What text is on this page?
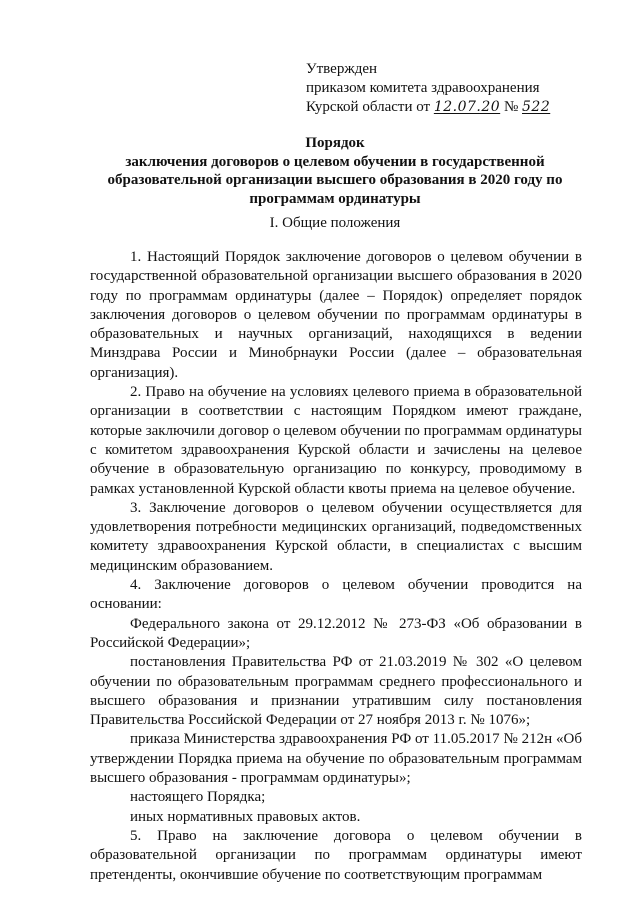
Утвержден
приказом комитета здравоохранения
Курской области от 12.07.20 № 522
Порядок
заключения договоров о целевом обучении в государственной образовательной организации высшего образования в 2020 году по программам ординатуры
I. Общие положения

1. Настоящий Порядок заключение договоров о целевом обучении в государственной образовательной организации высшего образования в 2020 году по программам ординатуры (далее – Порядок) определяет порядок заключения договоров о целевом обучении по программам ординатуры в образовательных и научных организаций, находящихся в ведении Минздрава России и Минобрнауки России (далее – образовательная организация).

2. Право на обучение на условиях целевого приема в образовательной организации в соответствии с настоящим Порядком имеют граждане, которые заключили договор о целевом обучении по программам ординатуры с комитетом здравоохранения Курской области и зачислены на целевое обучение в образовательную организацию по конкурсу, проводимому в рамках установленной Курской области квоты приема на целевое обучение.

3. Заключение договоров о целевом обучении осуществляется для удовлетворения потребности медицинских организаций, подведомственных комитету здравоохранения Курской области, в специалистах с высшим медицинским образованием.

4. Заключение договоров о целевом обучении проводится на основании:

Федерального закона от 29.12.2012 № 273-ФЗ «Об образовании в Российской Федерации»;

постановления Правительства РФ от 21.03.2019 № 302 «О целевом обучении по образовательным программам среднего профессионального и высшего образования и признании утратившим силу постановления Правительства Российской Федерации от 27 ноября 2013 г. № 1076»;

приказа Министерства здравоохранения РФ от 11.05.2017 № 212н «Об утверждении Порядка приема на обучение по образовательным программам высшего образования - программам ординатуры»;

настоящего Порядка;

иных нормативных правовых актов.

5. Право на заключение договора о целевом обучении в образовательной организации по программам ординатуры имеют претенденты, окончившие обучение по соответствующим программам
